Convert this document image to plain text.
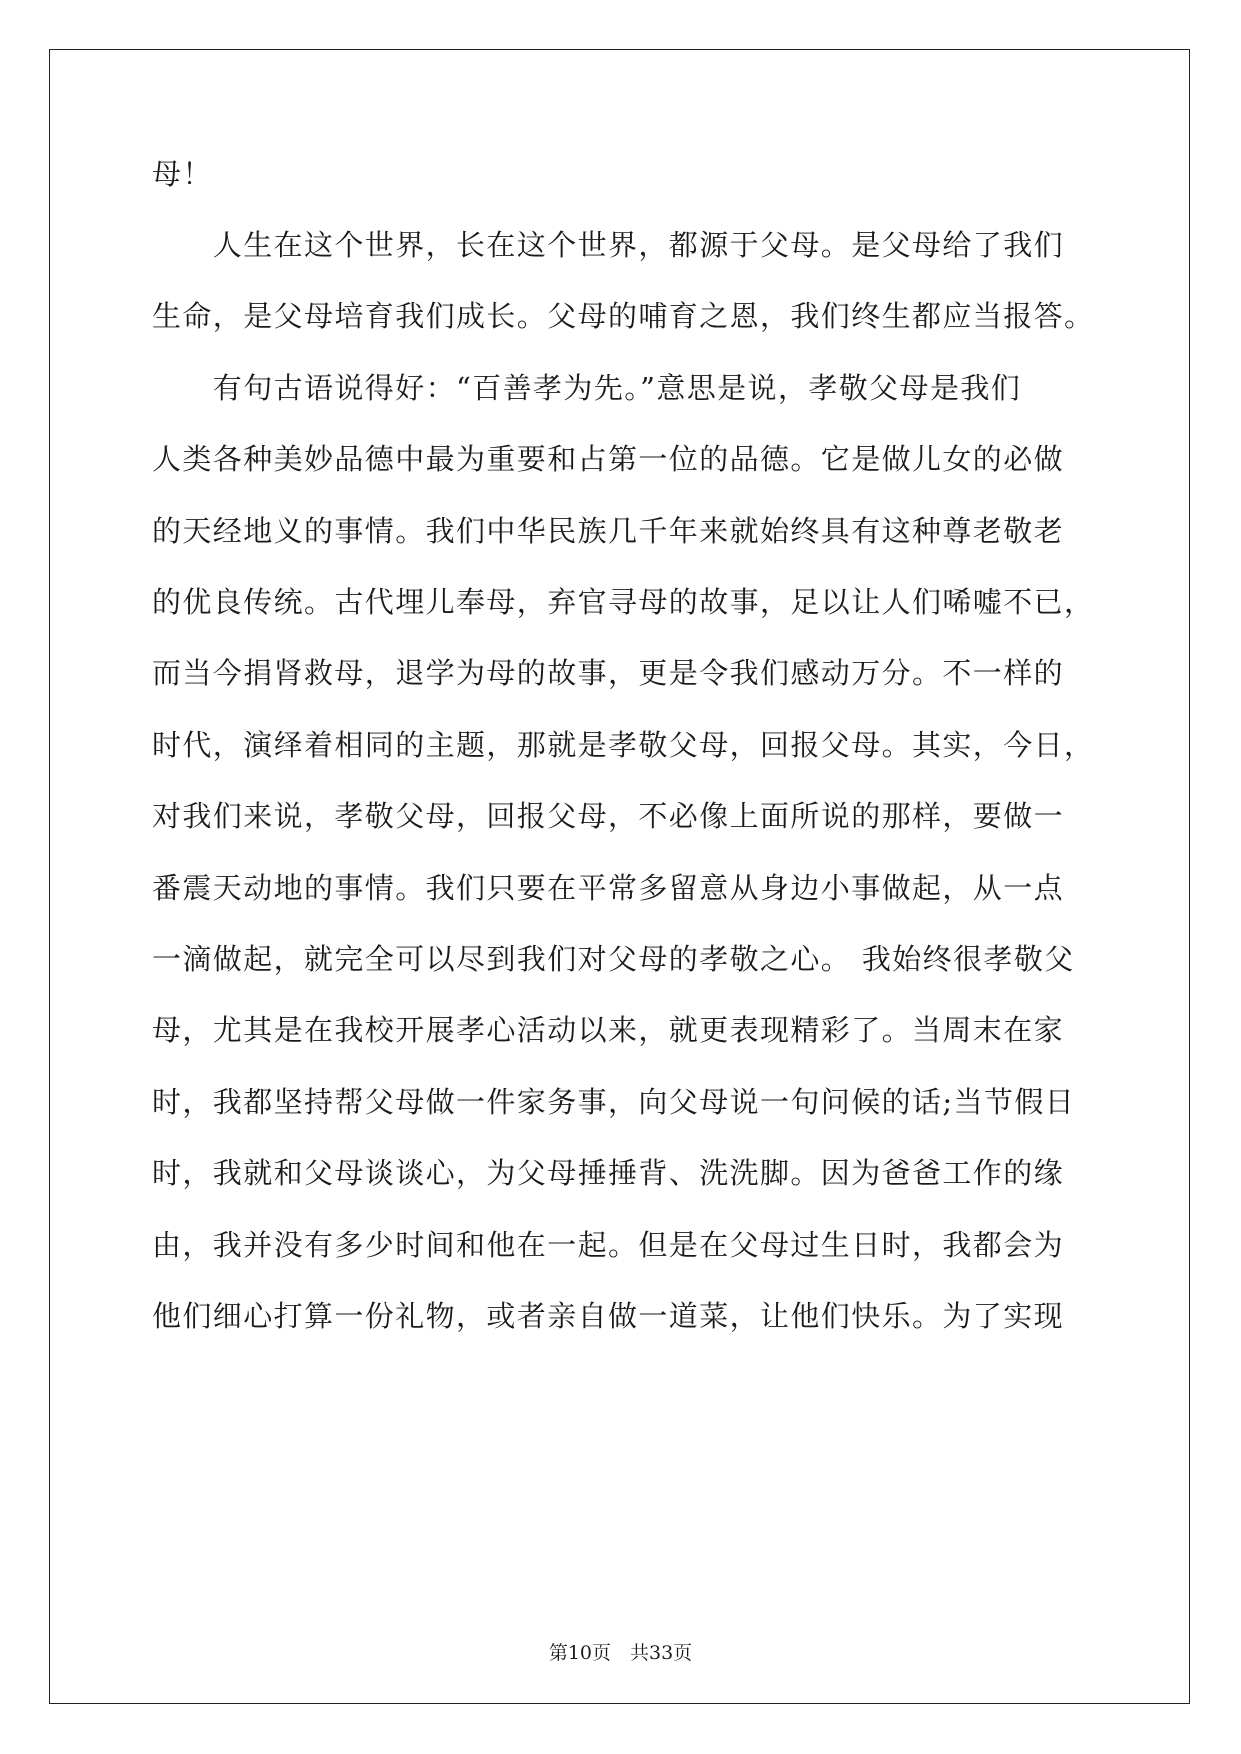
母！
　　人生在这个世界，长在这个世界，都源于父母。是父母给了我们
生命，是父母培育我们成长。父母的哺育之恩，我们终生都应当报答。
　　有句古语说得好：“百善孝为先。”意思是说，孝敬父母是我们
人类各种美妙品德中最为重要和占第一位的品德。它是做儿女的必做
的天经地义的事情。我们中华民族几千年来就始终具有这种尊老敬老
的优良传统。古代埋儿奉母，弃官寻母的故事，足以让人们唏嘘不已，
而当今捐肾救母，退学为母的故事，更是令我们感动万分。不一样的
时代，演绎着相同的主题，那就是孝敬父母，回报父母。其实，今日，
对我们来说，孝敬父母，回报父母，不必像上面所说的那样，要做一
番震天动地的事情。我们只要在平常多留意从身边小事做起，从一点
一滴做起，就完全可以尽到我们对父母的孝敬之心。 我始终很孝敬父
母，尤其是在我校开展孝心活动以来，就更表现精彩了。当周末在家
时，我都坚持帮父母做一件家务事，向父母说一句问候的话;当节假日
时，我就和父母谈谈心，为父母捶捶背、洗洗脚。因为爸爸工作的缘
由，我并没有多少时间和他在一起。但是在父母过生日时，我都会为
他们细心打算一份礼物，或者亲自做一道菜，让他们快乐。为了实现
第10页　共33页
